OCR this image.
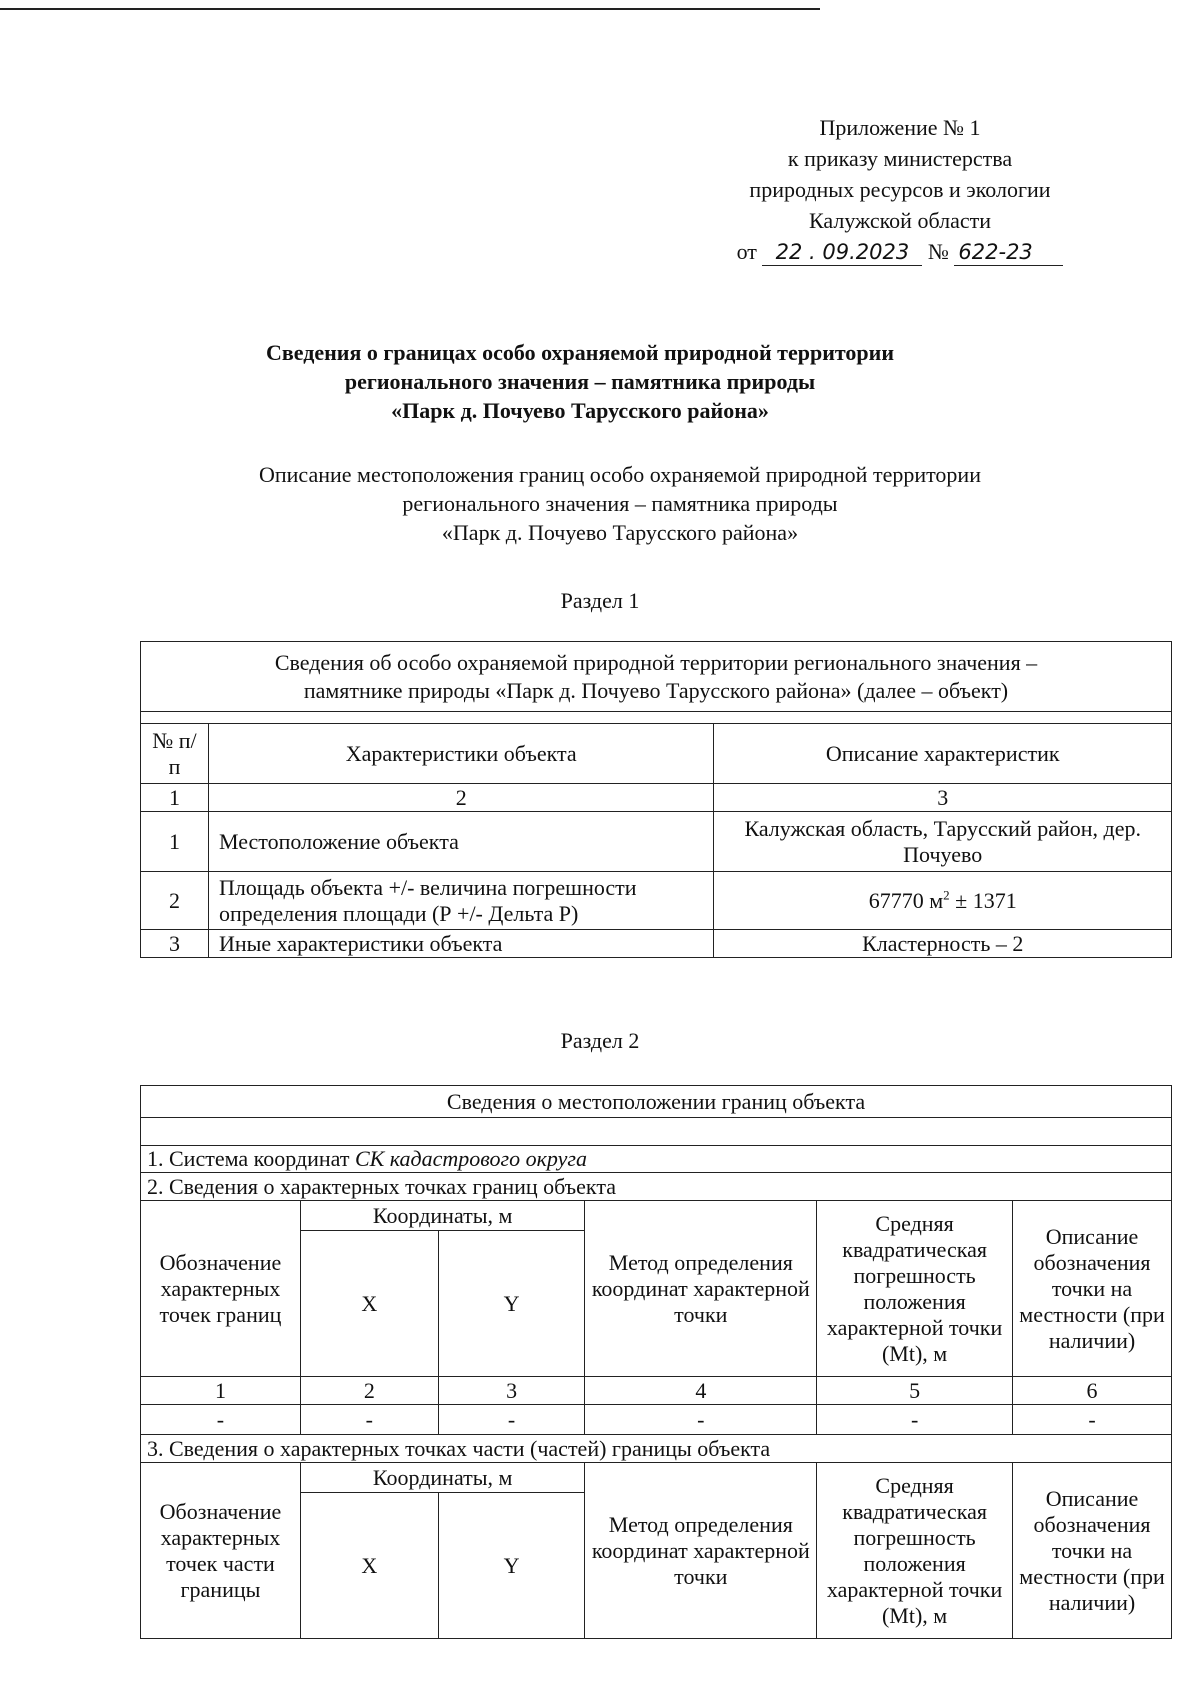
Приложение № 1
к приказу министерства
природных ресурсов и экологии
Калужской области
от 22 . 09.2023 № 622-23
Сведения о границах особо охраняемой природной территории
регионального значения – памятника природы
«Парк д. Почуево Тарусского района»
Описание местоположения границ особо охраняемой природной территории
регионального значения – памятника природы
«Парк д. Почуево Тарусского района»
Раздел 1
Сведения об особо охраняемой природной территории регионального значения –
памятнике природы «Парк д. Почуево Тарусского района» (далее – объект)		

№ п/п	Характеристики объекта	Описание характеристик
1	2	3
1	Местоположение объекта	Калужская область, Тарусский район, дер. Почуево
2	Площадь объекта +/- величина погрешности определения площади (Р +/- Дельта Р)	67770 $м^2 \pm 1371$
3	Иные характеристики объекта	Кластерность – 2
Раздел 2
Сведения о местоположении границ объекта					

1. Система координат СК кадастрового округа					
2. Сведения о характерных точках границ объекта					
Обозначение характерных точек границ	Координаты, м		Метод определения координат характерной точки	Средняя квадратическая погрешность положения характерной точки (Mt), м	Описание обозначения точки на местности (при наличии)
	X	Y			
1	2	3	4	5	6
-	-	-	-	-	-
3. Сведения о характерных точках части (частей) границы объекта					
Обозначение характерных точек части границы	Координаты, м		Метод определения координат характерной точки	Средняя квадратическая погрешность положения характерной точки (Mt), м	Описание обозначения точки на местности (при наличии)
	X	Y			
